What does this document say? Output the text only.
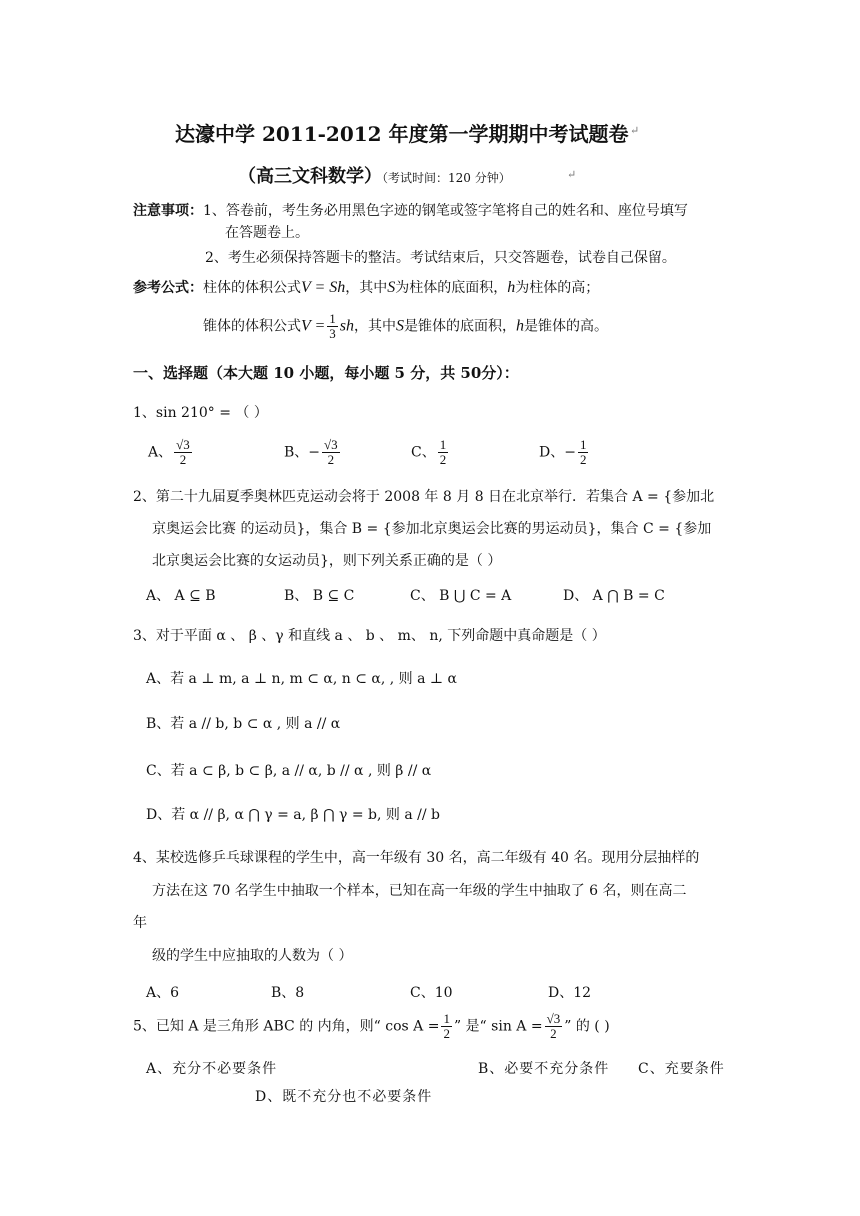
达濠中学 2011-2012 年度第一学期期中考试题卷 ↵
（高三文科数学）（考试时间：120 分钟）	↵
注意事项：1、答卷前，考生务必用黑色字迹的钢笔或签字笔将自己的姓名和、座位号填写
在答题卷上。
2、考生必须保持答题卡的整洁。考试结束后，只交答题卷，试卷自己保留。
参考公式：柱体的体积公式V = Sh，其中S为柱体的底面积，h为柱体的高；
锥体的体积公式$V = \frac{1}{3}$ sh，其中S是锥体的底面积，h是锥体的高。
一、选择题（本大题 10 小题，每小题 5 分，共 50分）：
1、sin 210° = （ ）
A、 $\frac{√3}{2}$	B、− $\frac{√3}{2}$	C、 $\frac{1}{2}$	D、− $\frac{1}{2}$
2、第二十九届夏季奥林匹克运动会将于 2008 年 8 月 8 日在北京举行．若集合 A = {参加北
京奥运会比赛 的运动员}，集合 B = {参加北京奥运会比赛的男运动员}，集合 C = {参加
北京奥运会比赛的女运动员}，则下列关系正确的是（ ）
A、 A ⊆ B	B、 B ⊆ C	C、 B ⋃ C = A	D、 A ⋂ B = C
3、对于平面 α 、 β 、γ 和直线 a 、 b 、 m、 n, 下列命题中真命题是（ ）
A、若 a ⊥ m, a ⊥ n, m ⊂ α, n ⊂ α, , 则 a ⊥ α
B、若 a // b, b ⊂ α , 则 a // α
C、若 a ⊂ β, b ⊂ β, a // α, b // α , 则 β // α
D、若 α // β, α ⋂ γ = a, β ⋂ γ = b, 则 a // b
4、某校选修乒乓球课程的学生中，高一年级有 30 名，高二年级有 40 名。现用分层抽样的
方法在这 70 名学生中抽取一个样本，已知在高一年级的学生中抽取了 6 名，则在高二
年
级的学生中应抽取的人数为（ ）
A、6	B、8	C、10	D、12
5、已知 A 是三角形 ABC 的 内角，则“ $\cos A = \frac{1}{2}$ ” 是“ $\sin A = \frac{√3}{2}$ ” 的 ( )
A、充分不必要条件	B、必要不充分条件 C、充要条件
D、既不充分也不必要条件
